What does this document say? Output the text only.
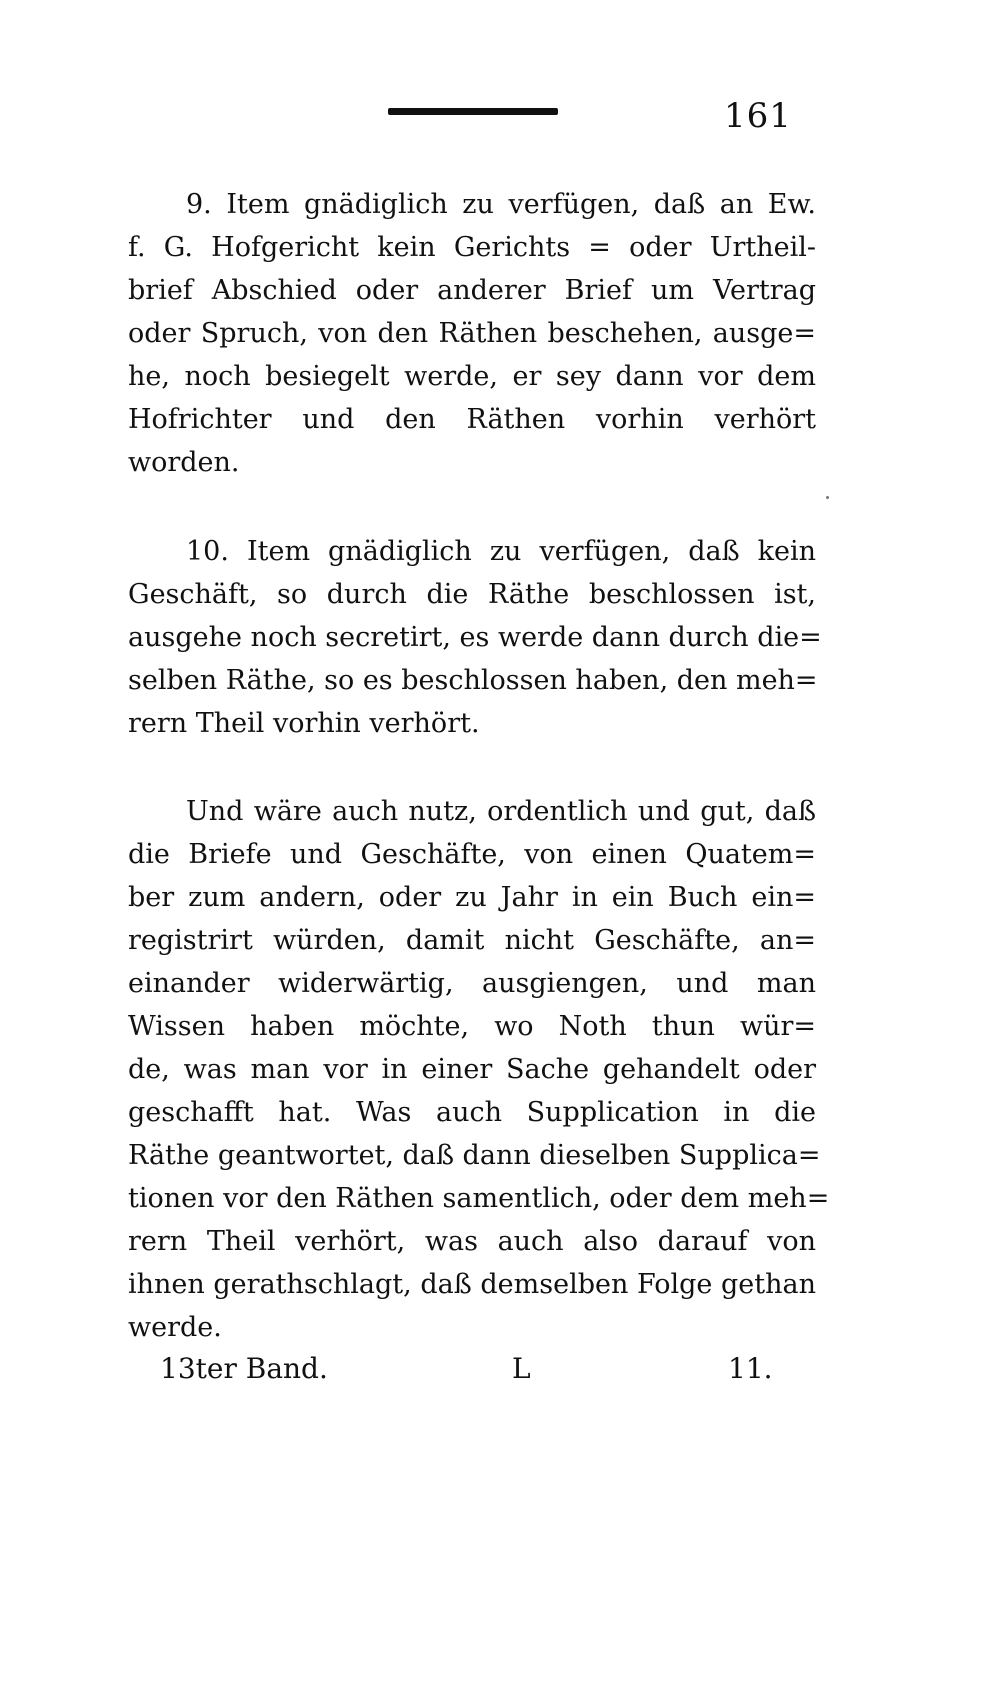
161
9. Item gnädiglich zu verfügen, daß an Ew.
f. G. Hofgericht kein Gerichts = oder Urtheil-
brief Abschied oder anderer Brief um Vertrag
oder Spruch, von den Räthen beschehen, ausge=
he, noch besiegelt werde, er sey dann vor dem
Hofrichter und den Räthen vorhin verhört
worden.
10. Item gnädiglich zu verfügen, daß kein
Geschäft, so durch die Räthe beschlossen ist,
ausgehe noch secretirt, es werde dann durch die=
selben Räthe, so es beschlossen haben, den meh=
rern Theil vorhin verhört.
Und wäre auch nutz, ordentlich und gut, daß
die Briefe und Geschäfte, von einen Quatem=
ber zum andern, oder zu Jahr in ein Buch ein=
registrirt würden, damit nicht Geschäfte, an=
einander widerwärtig, ausgiengen, und man
Wissen haben möchte, wo Noth thun wür=
de, was man vor in einer Sache gehandelt oder
geschafft hat. Was auch Supplication in die
Räthe geantwortet, daß dann dieselben Supplica=
tionen vor den Räthen samentlich, oder dem meh=
rern Theil verhört, was auch also darauf von
ihnen gerathschlagt, daß demselben Folge gethan
werde.
13ter Band.	L	11.
